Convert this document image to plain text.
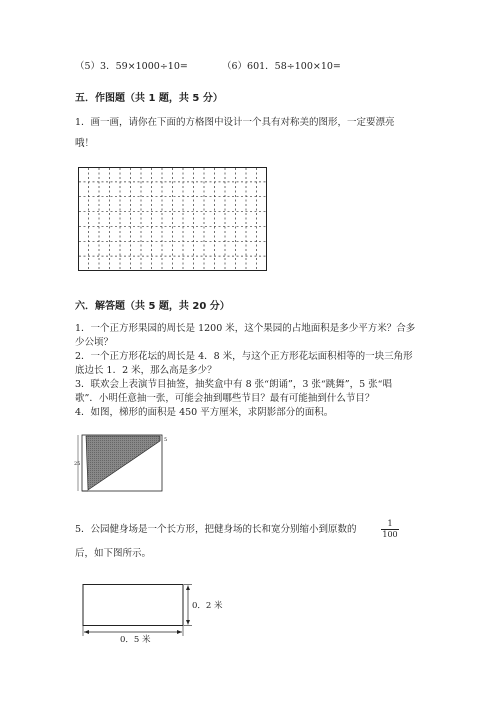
（5）3．59×1000÷10=	（6）601．58÷100×10=
五．作图题（共 1 题，共 5 分）
1．画一画，请你在下面的方格图中设计一个具有对称美的图形，一定要漂亮
哦！
六．解答题（共 5 题，共 20 分）
1．一个正方形果园的周长是 1200 米，这个果园的占地面积是多少平方米？合多
少公顷？
2．一个正方形花坛的周长是 4．8 米，与这个正方形花坛面积相等的一块三角形
底边长 1．2 米，那么高是多少？
3．联欢会上表演节目抽签，抽奖盒中有 8 张“朗诵”，3 张“跳舞”，5 张“唱
歌”．小明任意抽一张，可能会抽到哪些节目？最有可能抽到什么节目？
4．如图，梯形的面积是 450 平方厘米，求阴影部分的面积。
25
5
5．公园健身场是一个长方形，把健身场的长和宽分别缩小到原数的	$\frac{1}{100}$
后，如下图所示。
0．5 米
0．2 米
